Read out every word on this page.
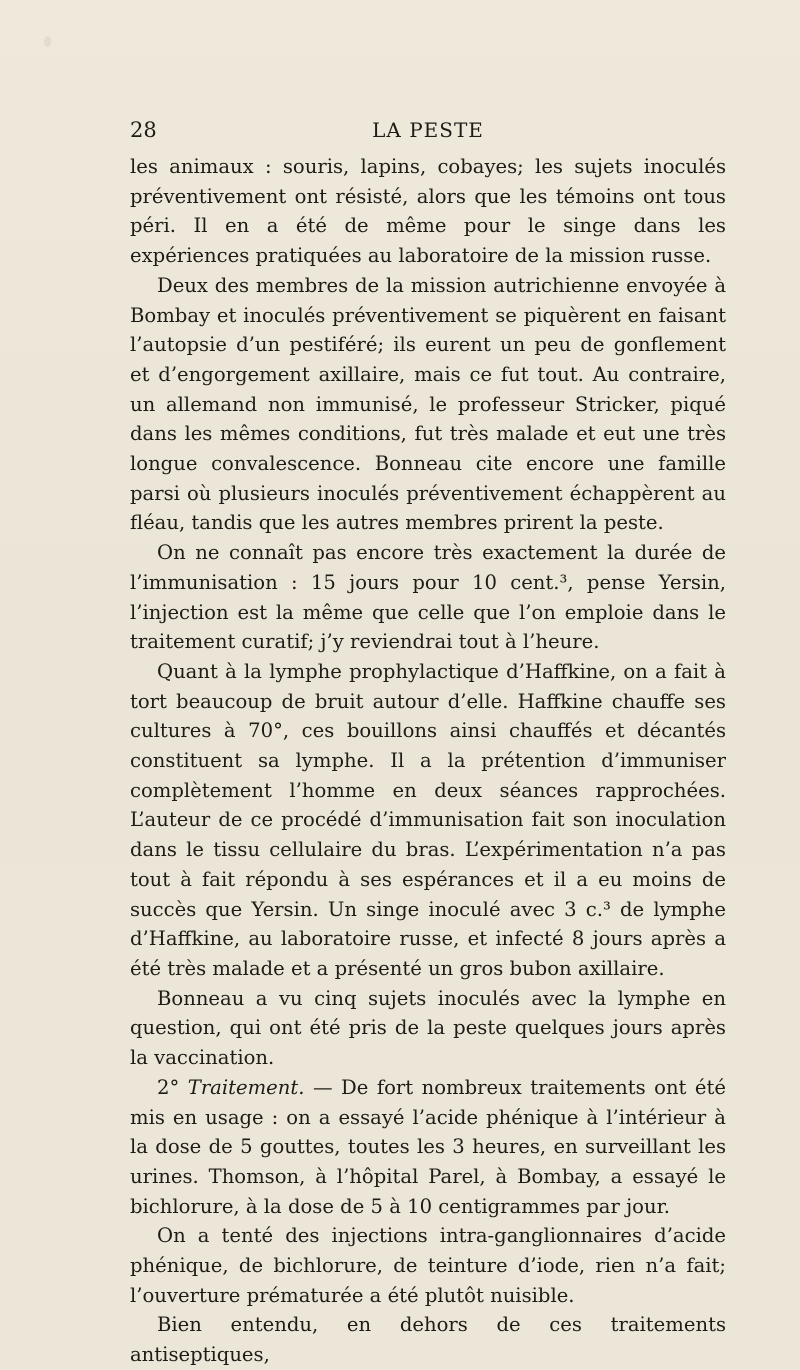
28	LA PESTE

les animaux : souris, lapins, cobayes; les sujets inoculés préventivement ont résisté, alors que les témoins ont tous péri. Il en a été de même pour le singe dans les expériences pratiquées au laboratoire de la mission russe.

Deux des membres de la mission autrichienne envoyée à Bombay et inoculés préventivement se piquèrent en faisant l’autopsie d’un pestiféré; ils eurent un peu de gonflement et d’engorgement axillaire, mais ce fut tout. Au contraire, un allemand non immunisé, le professeur Stricker, piqué dans les mêmes conditions, fut très malade et eut une très longue convalescence. Bonneau cite encore une famille parsi où plusieurs inoculés préventivement échappèrent au fléau, tandis que les autres membres prirent la peste.

On ne connaît pas encore très exactement la durée de l’immunisation : 15 jours pour 10 cent.³, pense Yersin, l’injection est la même que celle que l’on emploie dans le traitement curatif; j’y reviendrai tout à l’heure.

Quant à la lymphe prophylactique d’Haffkine, on a fait à tort beaucoup de bruit autour d’elle. Haffkine chauffe ses cultures à 70°, ces bouillons ainsi chauffés et décantés constituent sa lymphe. Il a la prétention d’immuniser complètement l’homme en deux séances rapprochées. L’auteur de ce procédé d’immunisation fait son inoculation dans le tissu cellulaire du bras. L’expérimentation n’a pas tout à fait répondu à ses espérances et il a eu moins de succès que Yersin. Un singe inoculé avec 3 c.³ de lymphe d’Haffkine, au laboratoire russe, et infecté 8 jours après a été très malade et a présenté un gros bubon axillaire.

Bonneau a vu cinq sujets inoculés avec la lymphe en question, qui ont été pris de la peste quelques jours après la vaccination.

2° Traitement. — De fort nombreux traitements ont été mis en usage : on a essayé l’acide phénique à l’intérieur à la dose de 5 gouttes, toutes les 3 heures, en surveillant les urines. Thomson, à l’hôpital Parel, à Bombay, a essayé le bichlorure, à la dose de 5 à 10 centigrammes par jour.

On a tenté des injections intra-ganglionnaires d’acide phénique, de bichlorure, de teinture d’iode, rien n’a fait; l’ouverture prématurée a été plutôt nuisible.

Bien entendu, en dehors de ces traitements antiseptiques,
